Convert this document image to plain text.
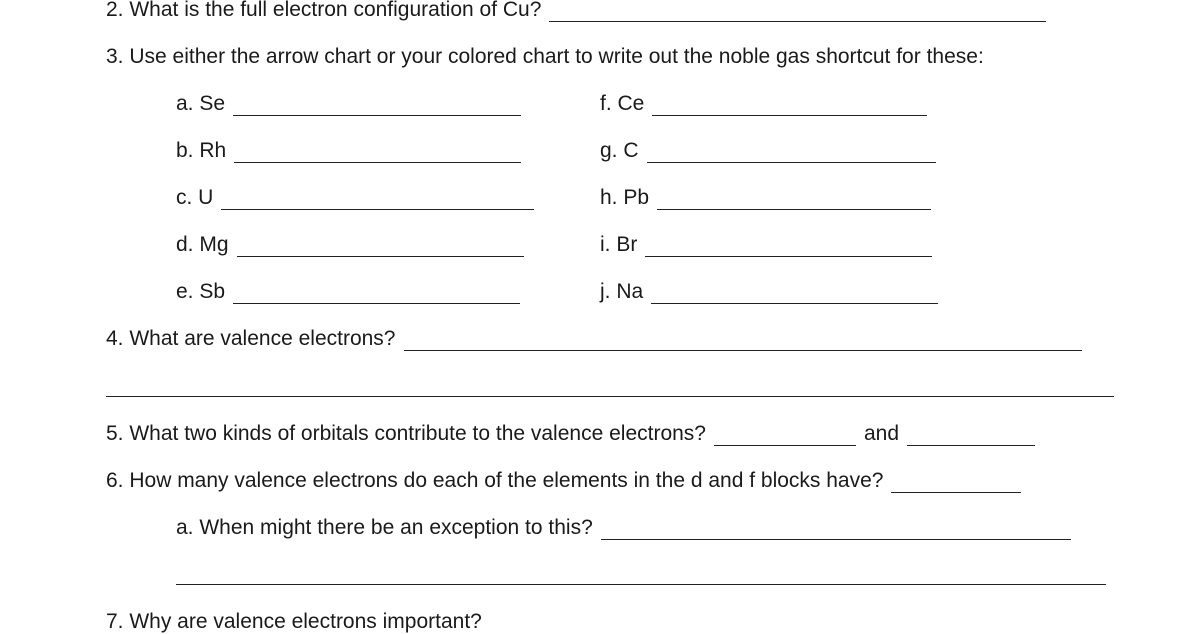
2. What is the full electron configuration of Cu?
3. Use either the arrow chart or your colored chart to write out the noble gas shortcut for these:
a. Se
b. Rh
c. U
d. Mg
e. Sb
f. Ce
g. C
h. Pb
i. Br
j. Na
4. What are valence electrons?
5. What two kinds of orbitals contribute to the valence electrons?	and
6. How many valence electrons do each of the elements in the d and f blocks have?
a. When might there be an exception to this?
7. Why are valence electrons important?
